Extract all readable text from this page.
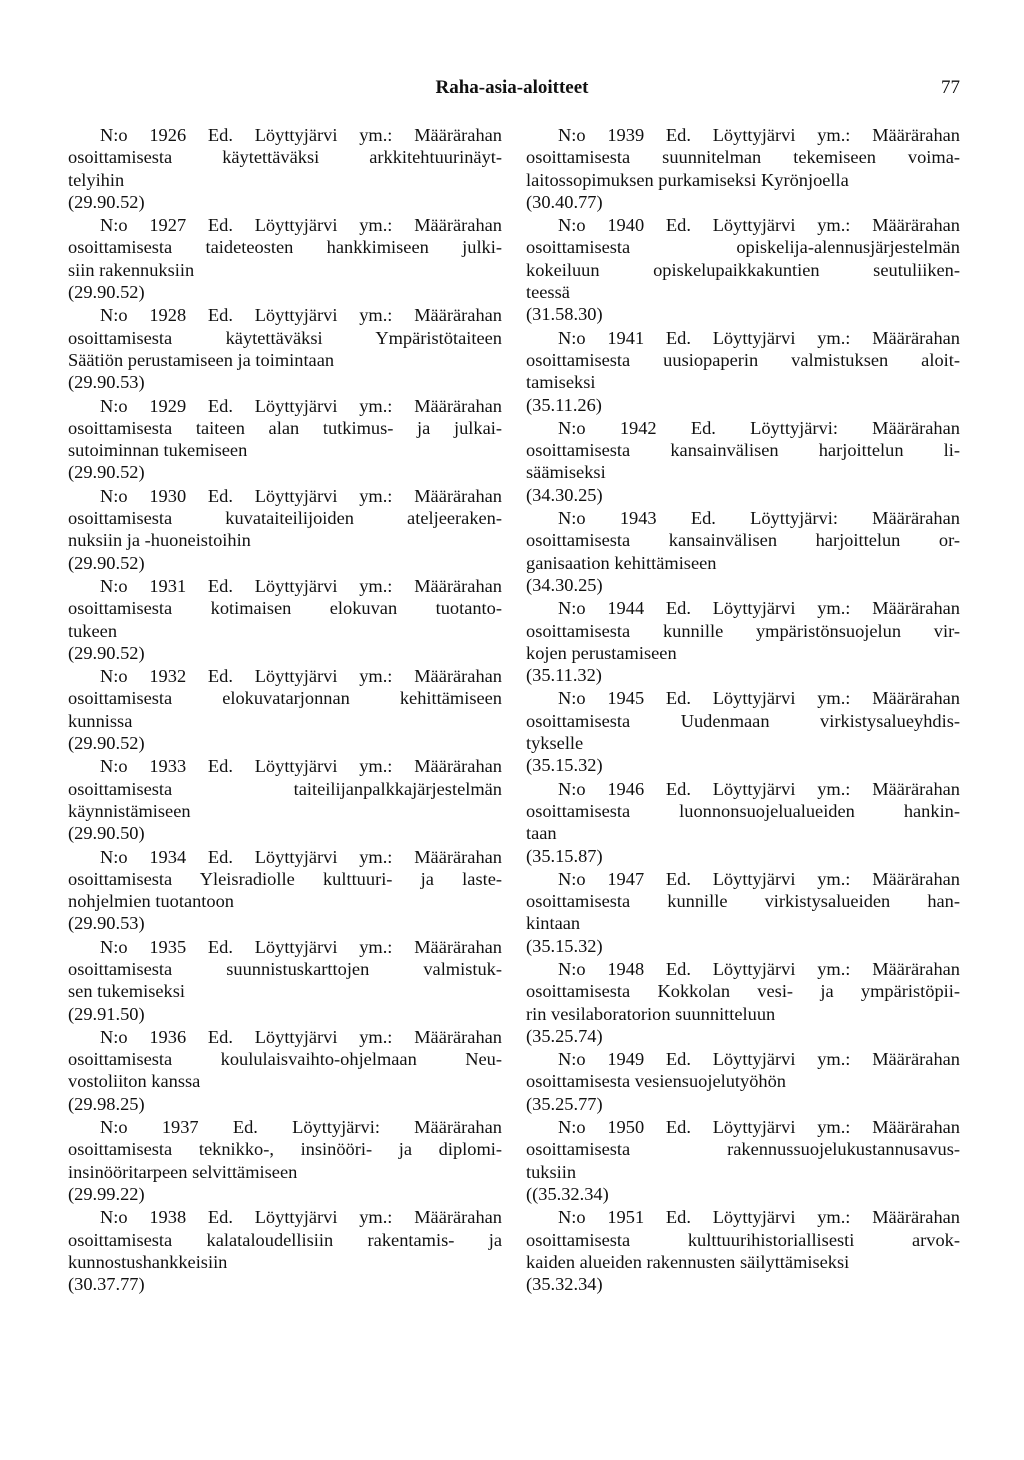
Raha-asia-aloitteet	77
N:o 1926 Ed. Löyttyjärvi ym.: Määrärahan
osoittamisesta käytettäväksi arkkitehtuurinäyt-
telyihin
(29.90.52)
N:o 1927 Ed. Löyttyjärvi ym.: Määrärahan
osoittamisesta taideteosten hankkimiseen julki-
siin rakennuksiin
(29.90.52)
N:o 1928 Ed. Löyttyjärvi ym.: Määrärahan
osoittamisesta käytettäväksi Ympäristötaiteen
Säätiön perustamiseen ja toimintaan
(29.90.53)
N:o 1929 Ed. Löyttyjärvi ym.: Määrärahan
osoittamisesta taiteen alan tutkimus- ja julkai-
sutoiminnan tukemiseen
(29.90.52)
N:o 1930 Ed. Löyttyjärvi ym.: Määrärahan
osoittamisesta kuvataiteilijoiden ateljeeraken-
nuksiin ja -huoneistoihin
(29.90.52)
N:o 1931 Ed. Löyttyjärvi ym.: Määrärahan
osoittamisesta kotimaisen elokuvan tuotanto-
tukeen
(29.90.52)
N:o 1932 Ed. Löyttyjärvi ym.: Määrärahan
osoittamisesta elokuvatarjonnan kehittämiseen
kunnissa
(29.90.52)
N:o 1933 Ed. Löyttyjärvi ym.: Määrärahan
osoittamisesta taiteilijanpalkkajärjestelmän
käynnistämiseen
(29.90.50)
N:o 1934 Ed. Löyttyjärvi ym.: Määrärahan
osoittamisesta Yleisradiolle kulttuuri- ja laste-
nohjelmien tuotantoon
(29.90.53)
N:o 1935 Ed. Löyttyjärvi ym.: Määrärahan
osoittamisesta suunnistuskarttojen valmistuk-
sen tukemiseksi
(29.91.50)
N:o 1936 Ed. Löyttyjärvi ym.: Määrärahan
osoittamisesta koululaisvaihto-ohjelmaan Neu-
vostoliiton kanssa
(29.98.25)
N:o 1937 Ed. Löyttyjärvi: Määrärahan
osoittamisesta teknikko-, insinööri- ja diplomi-
insinööritarpeen selvittämiseen
(29.99.22)
N:o 1938 Ed. Löyttyjärvi ym.: Määrärahan
osoittamisesta kalataloudellisiin rakentamis- ja
kunnostushankkeisiin
(30.37.77)
N:o 1939 Ed. Löyttyjärvi ym.: Määrärahan
osoittamisesta suunnitelman tekemiseen voima-
laitossopimuksen purkamiseksi Kyrönjoella
(30.40.77)
N:o 1940 Ed. Löyttyjärvi ym.: Määrärahan
osoittamisesta opiskelija-alennusjärjestelmän
kokeiluun opiskelupaikkakuntien seutuliiken-
teessä
(31.58.30)
N:o 1941 Ed. Löyttyjärvi ym.: Määrärahan
osoittamisesta uusiopaperin valmistuksen aloit-
tamiseksi
(35.11.26)
N:o 1942 Ed. Löyttyjärvi: Määrärahan
osoittamisesta kansainvälisen harjoittelun li-
säämiseksi
(34.30.25)
N:o 1943 Ed. Löyttyjärvi: Määrärahan
osoittamisesta kansainvälisen harjoittelun or-
ganisaation kehittämiseen
(34.30.25)
N:o 1944 Ed. Löyttyjärvi ym.: Määrärahan
osoittamisesta kunnille ympäristönsuojelun vir-
kojen perustamiseen
(35.11.32)
N:o 1945 Ed. Löyttyjärvi ym.: Määrärahan
osoittamisesta Uudenmaan virkistysalueyhdis-
tykselle
(35.15.32)
N:o 1946 Ed. Löyttyjärvi ym.: Määrärahan
osoittamisesta luonnonsuojelualueiden hankin-
taan
(35.15.87)
N:o 1947 Ed. Löyttyjärvi ym.: Määrärahan
osoittamisesta kunnille virkistysalueiden han-
kintaan
(35.15.32)
N:o 1948 Ed. Löyttyjärvi ym.: Määrärahan
osoittamisesta Kokkolan vesi- ja ympäristöpii-
rin vesilaboratorion suunnitteluun
(35.25.74)
N:o 1949 Ed. Löyttyjärvi ym.: Määrärahan
osoittamisesta vesiensuojelutyöhön
(35.25.77)
N:o 1950 Ed. Löyttyjärvi ym.: Määrärahan
osoittamisesta rakennussuojelukustannusavus-
tuksiin
((35.32.34)
N:o 1951 Ed. Löyttyjärvi ym.: Määrärahan
osoittamisesta kulttuurihistoriallisesti arvok-
kaiden alueiden rakennusten säilyttämiseksi
(35.32.34)
